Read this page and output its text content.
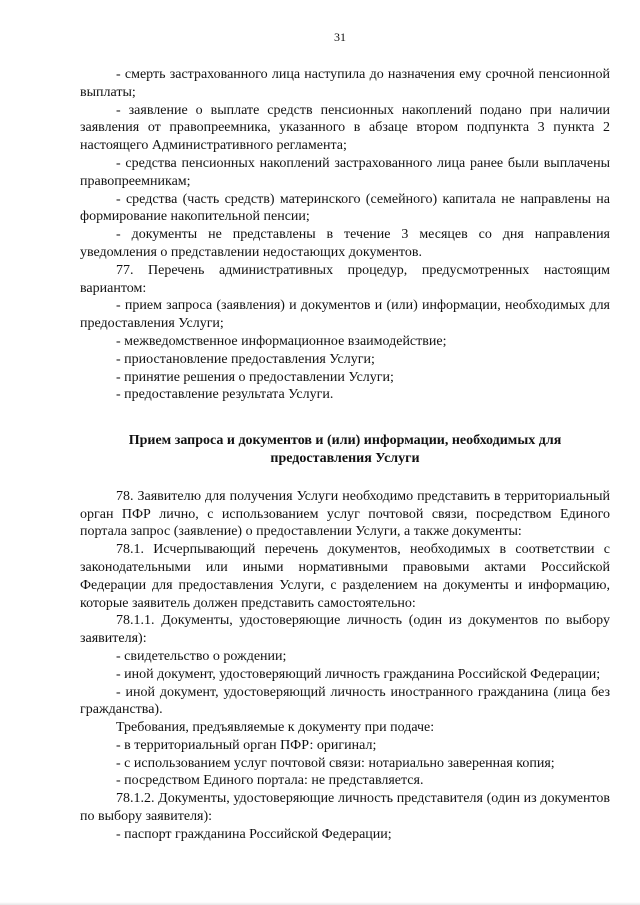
31

- смерть застрахованного лица наступила до назначения ему срочной пенсионной выплаты;

- заявление о выплате средств пенсионных накоплений подано при наличии заявления от правопреемника, указанного в абзаце втором подпункта 3 пункта 2 настоящего Административного регламента;

- средства пенсионных накоплений застрахованного лица ранее были выплачены правопреемникам;

- средства (часть средств) материнского (семейного) капитала не направлены на формирование накопительной пенсии;

- документы не представлены в течение 3 месяцев со дня направления уведомления о представлении недостающих документов.

77. Перечень административных процедур, предусмотренных настоящим вариантом:

- прием запроса (заявления) и документов и (или) информации, необходимых для предоставления Услуги;

- межведомственное информационное взаимодействие;

- приостановление предоставления Услуги;

- принятие решения о предоставлении Услуги;

- предоставление результата Услуги.

Прием запроса и документов и (или) информации, необходимых для предоставления Услуги

78. Заявителю для получения Услуги необходимо представить в территориальный орган ПФР лично, с использованием услуг почтовой связи, посредством Единого портала запрос (заявление) о предоставлении Услуги, а также документы:

78.1. Исчерпывающий перечень документов, необходимых в соответствии с законодательными или иными нормативными правовыми актами Российской Федерации для предоставления Услуги, с разделением на документы и информацию, которые заявитель должен представить самостоятельно:

78.1.1. Документы, удостоверяющие личность (один из документов по выбору заявителя):

- свидетельство о рождении;

- иной документ, удостоверяющий личность гражданина Российской Федерации;

- иной документ, удостоверяющий личность иностранного гражданина (лица без гражданства).

Требования, предъявляемые к документу при подаче:

- в территориальный орган ПФР: оригинал;

- с использованием услуг почтовой связи: нотариально заверенная копия;

- посредством Единого портала: не представляется.

78.1.2. Документы, удостоверяющие личность представителя (один из документов по выбору заявителя):

- паспорт гражданина Российской Федерации;
